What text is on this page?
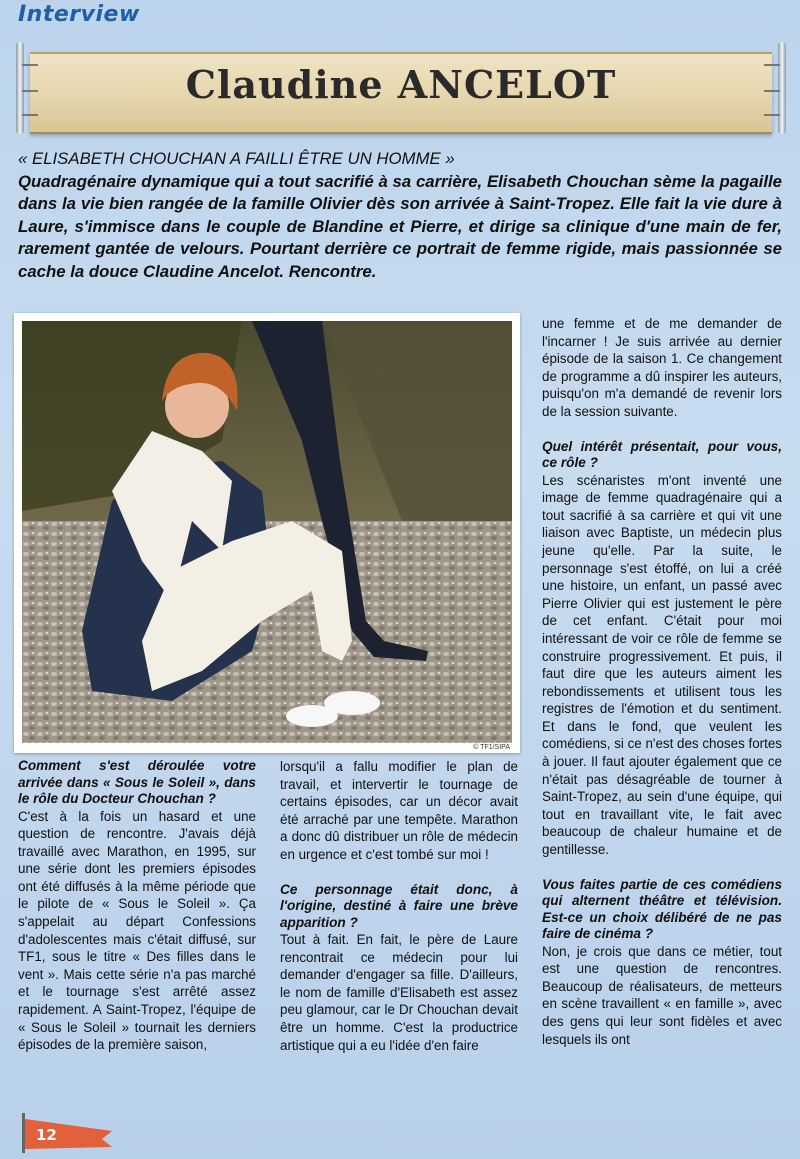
Interview
Claudine ANCELOT
« ELISABETH CHOUCHAN A FAILLI ÊTRE UN HOMME »
Quadragénaire dynamique qui a tout sacrifié à sa carrière, Elisabeth Chouchan sème la pagaille dans la vie bien rangée de la famille Olivier dès son arrivée à Saint-Tropez. Elle fait la vie dure à Laure, s'immisce dans le couple de Blandine et Pierre, et dirige sa clinique d'une main de fer, rarement gantée de velours. Pourtant derrière ce portrait de femme rigide, mais passionnée se cache la douce Claudine Ancelot. Rencontre.
© TF1/SIPA

Comment s'est déroulée votre arrivée dans « Sous le Soleil », dans le rôle du Docteur Chouchan ?

C'est à la fois un hasard et une question de rencontre. J'avais déjà travaillé avec Marathon, en 1995, sur une série dont les premiers épisodes ont été diffusés à la même période que le pilote de « Sous le Soleil ». Ça s'appelait au départ Confessions d'adolescentes mais c'était diffusé, sur TF1, sous le titre « Des filles dans le vent ». Mais cette série n'a pas marché et le tournage s'est arrêté assez rapidement. A Saint-Tropez, l'équipe de « Sous le Soleil » tournait les derniers épisodes de la première saison,

lorsqu'il a fallu modifier le plan de travail, et intervertir le tournage de certains épisodes, car un décor avait été arraché par une tempête. Marathon a donc dû distribuer un rôle de médecin en urgence et c'est tombé sur moi !

Ce personnage était donc, à l'origine, destiné à faire une brève apparition ?

Tout à fait. En fait, le père de Laure rencontrait ce médecin pour lui demander d'engager sa fille. D'ailleurs, le nom de famille d'Elisabeth est assez peu glamour, car le Dr Chouchan devait être un homme. C'est la productrice artistique qui a eu l'idée d'en faire

une femme et de me demander de l'incarner ! Je suis arrivée au dernier épisode de la saison 1. Ce changement de programme a dû inspirer les auteurs, puisqu'on m'a demandé de revenir lors de la session suivante.

Quel intérêt présentait, pour vous, ce rôle ?

Les scénaristes m'ont inventé une image de femme quadragénaire qui a tout sacrifié à sa carrière et qui vit une liaison avec Baptiste, un médecin plus jeune qu'elle. Par la suite, le personnage s'est étoffé, on lui a créé une histoire, un enfant, un passé avec Pierre Olivier qui est justement le père de cet enfant. C'était pour moi intéressant de voir ce rôle de femme se construire progressivement. Et puis, il faut dire que les auteurs aiment les rebondissements et utilisent tous les registres de l'émotion et du sentiment. Et dans le fond, que veulent les comédiens, si ce n'est des choses fortes à jouer. Il faut ajouter également que ce n'était pas désagréable de tourner à Saint-Tropez, au sein d'une équipe, qui tout en travaillant vite, le fait avec beaucoup de chaleur humaine et de gentillesse.

Vous faites partie de ces comédiens qui alternent théâtre et télévision. Est-ce un choix délibéré de ne pas faire de cinéma ?

Non, je crois que dans ce métier, tout est une question de rencontres. Beaucoup de réalisateurs, de metteurs en scène travaillent « en famille », avec des gens qui leur sont fidèles et avec lesquels ils ont

12
